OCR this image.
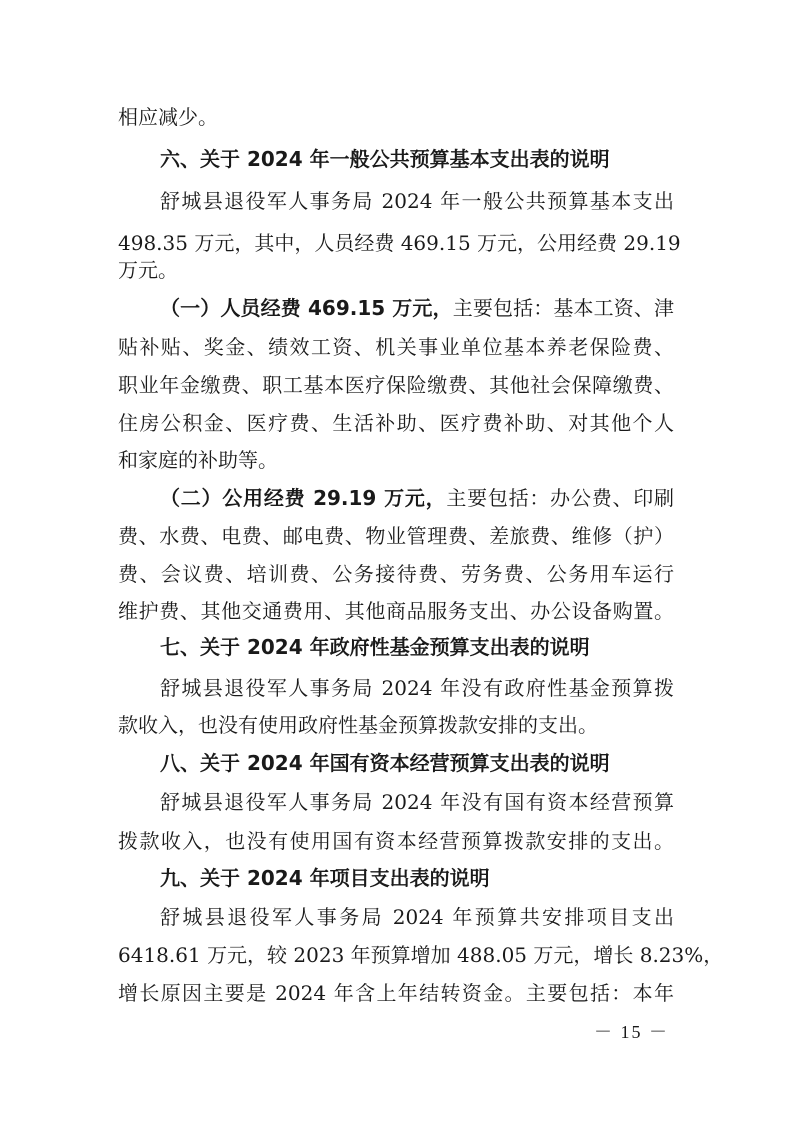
相应减少。
六、关于 2024 年一般公共预算基本支出表的说明
舒城县退役军人事务局 2024 年一般公共预算基本支出
498.35 万元，其中，人员经费 469.15 万元，公用经费 29.19
万元。
（一）人员经费 469.15 万元，主要包括：基本工资、津
贴补贴、奖金、绩效工资、机关事业单位基本养老保险费、
职业年金缴费、职工基本医疗保险缴费、其他社会保障缴费、
住房公积金、医疗费、生活补助、医疗费补助、对其他个人
和家庭的补助等。
（二）公用经费 29.19 万元，主要包括：办公费、印刷
费、水费、电费、邮电费、物业管理费、差旅费、维修（护）
费、会议费、培训费、公务接待费、劳务费、公务用车运行
维护费、其他交通费用、其他商品服务支出、办公设备购置。
七、关于 2024 年政府性基金预算支出表的说明
舒城县退役军人事务局 2024 年没有政府性基金预算拨
款收入，也没有使用政府性基金预算拨款安排的支出。
八、关于 2024 年国有资本经营预算支出表的说明
舒城县退役军人事务局 2024 年没有国有资本经营预算
拨款收入，也没有使用国有资本经营预算拨款安排的支出。
九、关于 2024 年项目支出表的说明
舒城县退役军人事务局 2024 年预算共安排项目支出
6418.61 万元，较 2023 年预算增加 488.05 万元，增长 8.23%，
增长原因主要是 2024 年含上年结转资金。主要包括：本年
－ 15 －
